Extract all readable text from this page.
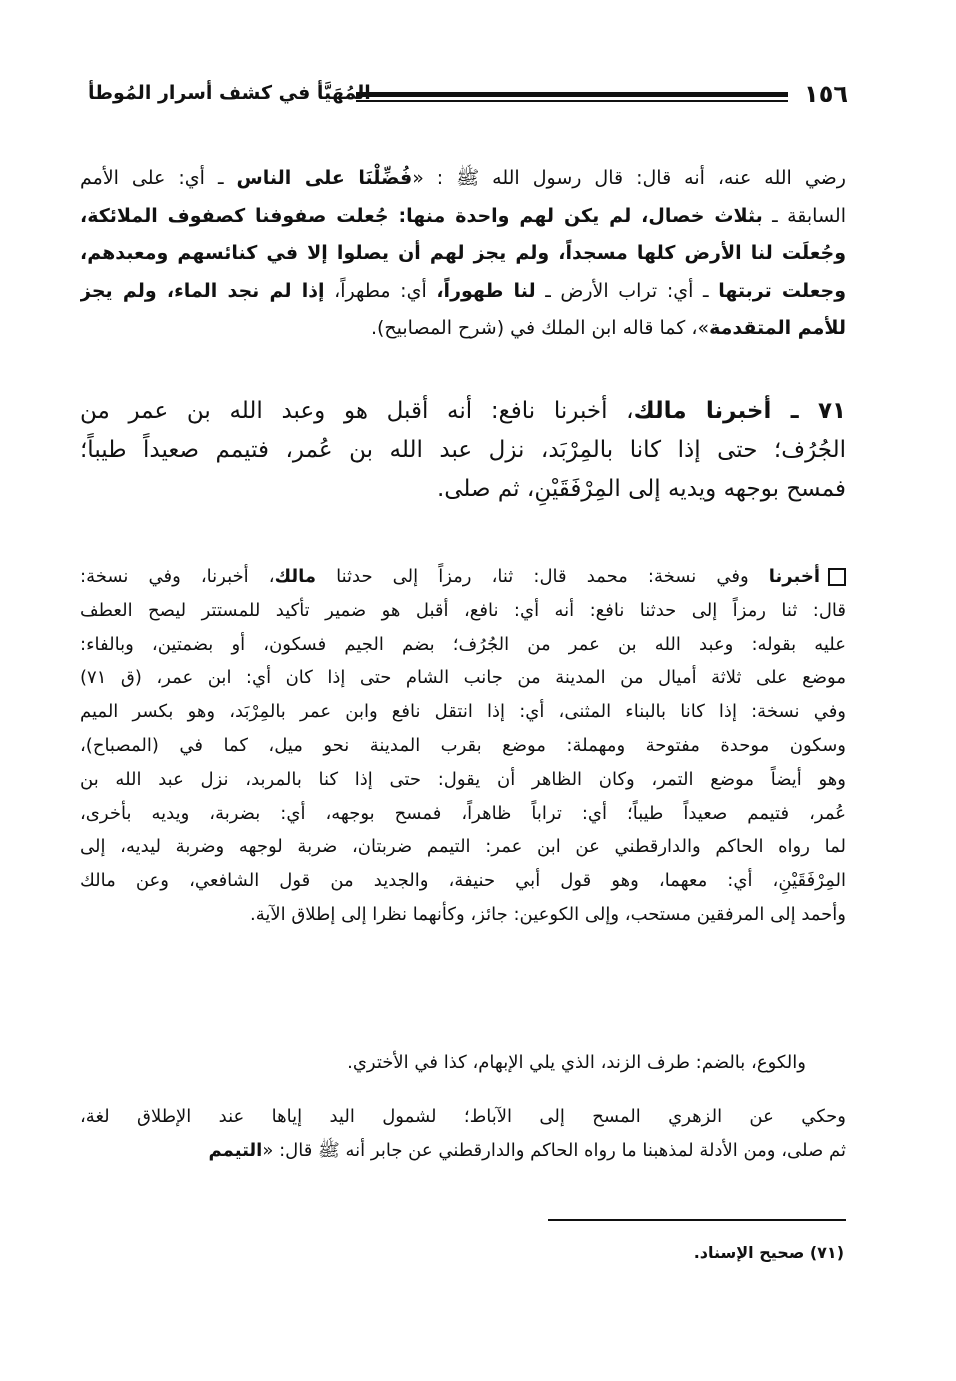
١٥٦
المُهَيَّأ في كشف أسرار المُوطأ
رضي الله عنه، أنه قال: قال رسول الله ﷺ : «فُضِّلْنَا على الناس ـ أي: على الأمم
السابقة ـ بثلاث خصال، لم يكن لهم واحدة منها: جُعلت صفوفنا كصفوف الملائكة،
وجُعلَت لنا الأرض كلها مسجداً، ولم يجز لهم أن يصلوا إلا في كنائسهم ومعبدهم،
وجعلت تربتها ـ أي: تراب الأرض ـ لنا طهوراً، أي: مطهراً، إذا لم نجد الماء، ولم يجز
للأمم المتقدمة»، كما قاله ابن الملك في (شرح المصابيح).
٧١ ـ أخبرنا مالك، أخبرنا نافع: أنه أقبل هو وعبد الله بن عمر من
الجُرُف؛ حتى إذا كانا بالمِرْبَد، نزل عبد الله بن عُمر، فتيمم صعيداً طيباً؛
فمسح بوجهه ويديه إلى المِرْفَقَيْنِ، ثم صلى.
أخبرنا وفي نسخة: محمد قال: ثنا، رمزاً إلى حدثنا مالك، أخبرنا، وفي نسخة:
قال: ثنا رمزاً إلى حدثنا نافع: أنه أي: نافع، أقبل هو ضمير تأكيد للمستتر ليصح العطف
عليه بقوله: وعبد الله بن عمر من الجُرُف؛ بضم الجيم فسكون، أو بضمتين، وبالفاء:
موضع على ثلاثة أميال من المدينة من جانب الشام حتى إذا كان أي: ابن عمر، (ق ٧١)
وفي نسخة: إذا كانا بالبناء المثنى، أي: إذا انتقل نافع وابن عمر بالمِرْبَد، وهو بكسر الميم
وسكون موحدة مفتوحة ومهملة: موضع بقرب المدينة نحو ميل، كما في (المصباح)،
وهو أيضاً موضع التمر، وكان الظاهر أن يقول: حتى إذا كنا بالمربد، نزل عبد الله بن
عُمر، فتيمم صعيداً طيباً؛ أي: تراباً ظاهراً، فمسح بوجهه، أي: بضربة، ويديه بأخرى،
لما رواه الحاكم والدارقطني عن ابن عمر: التيمم ضربتان، ضربة لوجهه وضربة ليديه، إلى
المِرْفَقَيْنِ، أي: معهما، وهو قول أبي حنيفة، والجديد من قول الشافعي، وعن مالك
وأحمد إلى المرفقين مستحب، وإلى الكوعين: جائز، وكأنهما نظرا إلى إطلاق الآية.
والكوع، بالضم: طرف الزند، الذي يلي الإبهام، كذا في الأختري.
وحكي عن الزهري المسح إلى الآباط؛ لشمول اليد إياها عند الإطلاق لغة،
ثم صلى، ومن الأدلة لمذهبنا ما رواه الحاكم والدارقطني عن جابر أنه ﷺ قال: «التيمم
(٧١) صحيح الإسناد.
